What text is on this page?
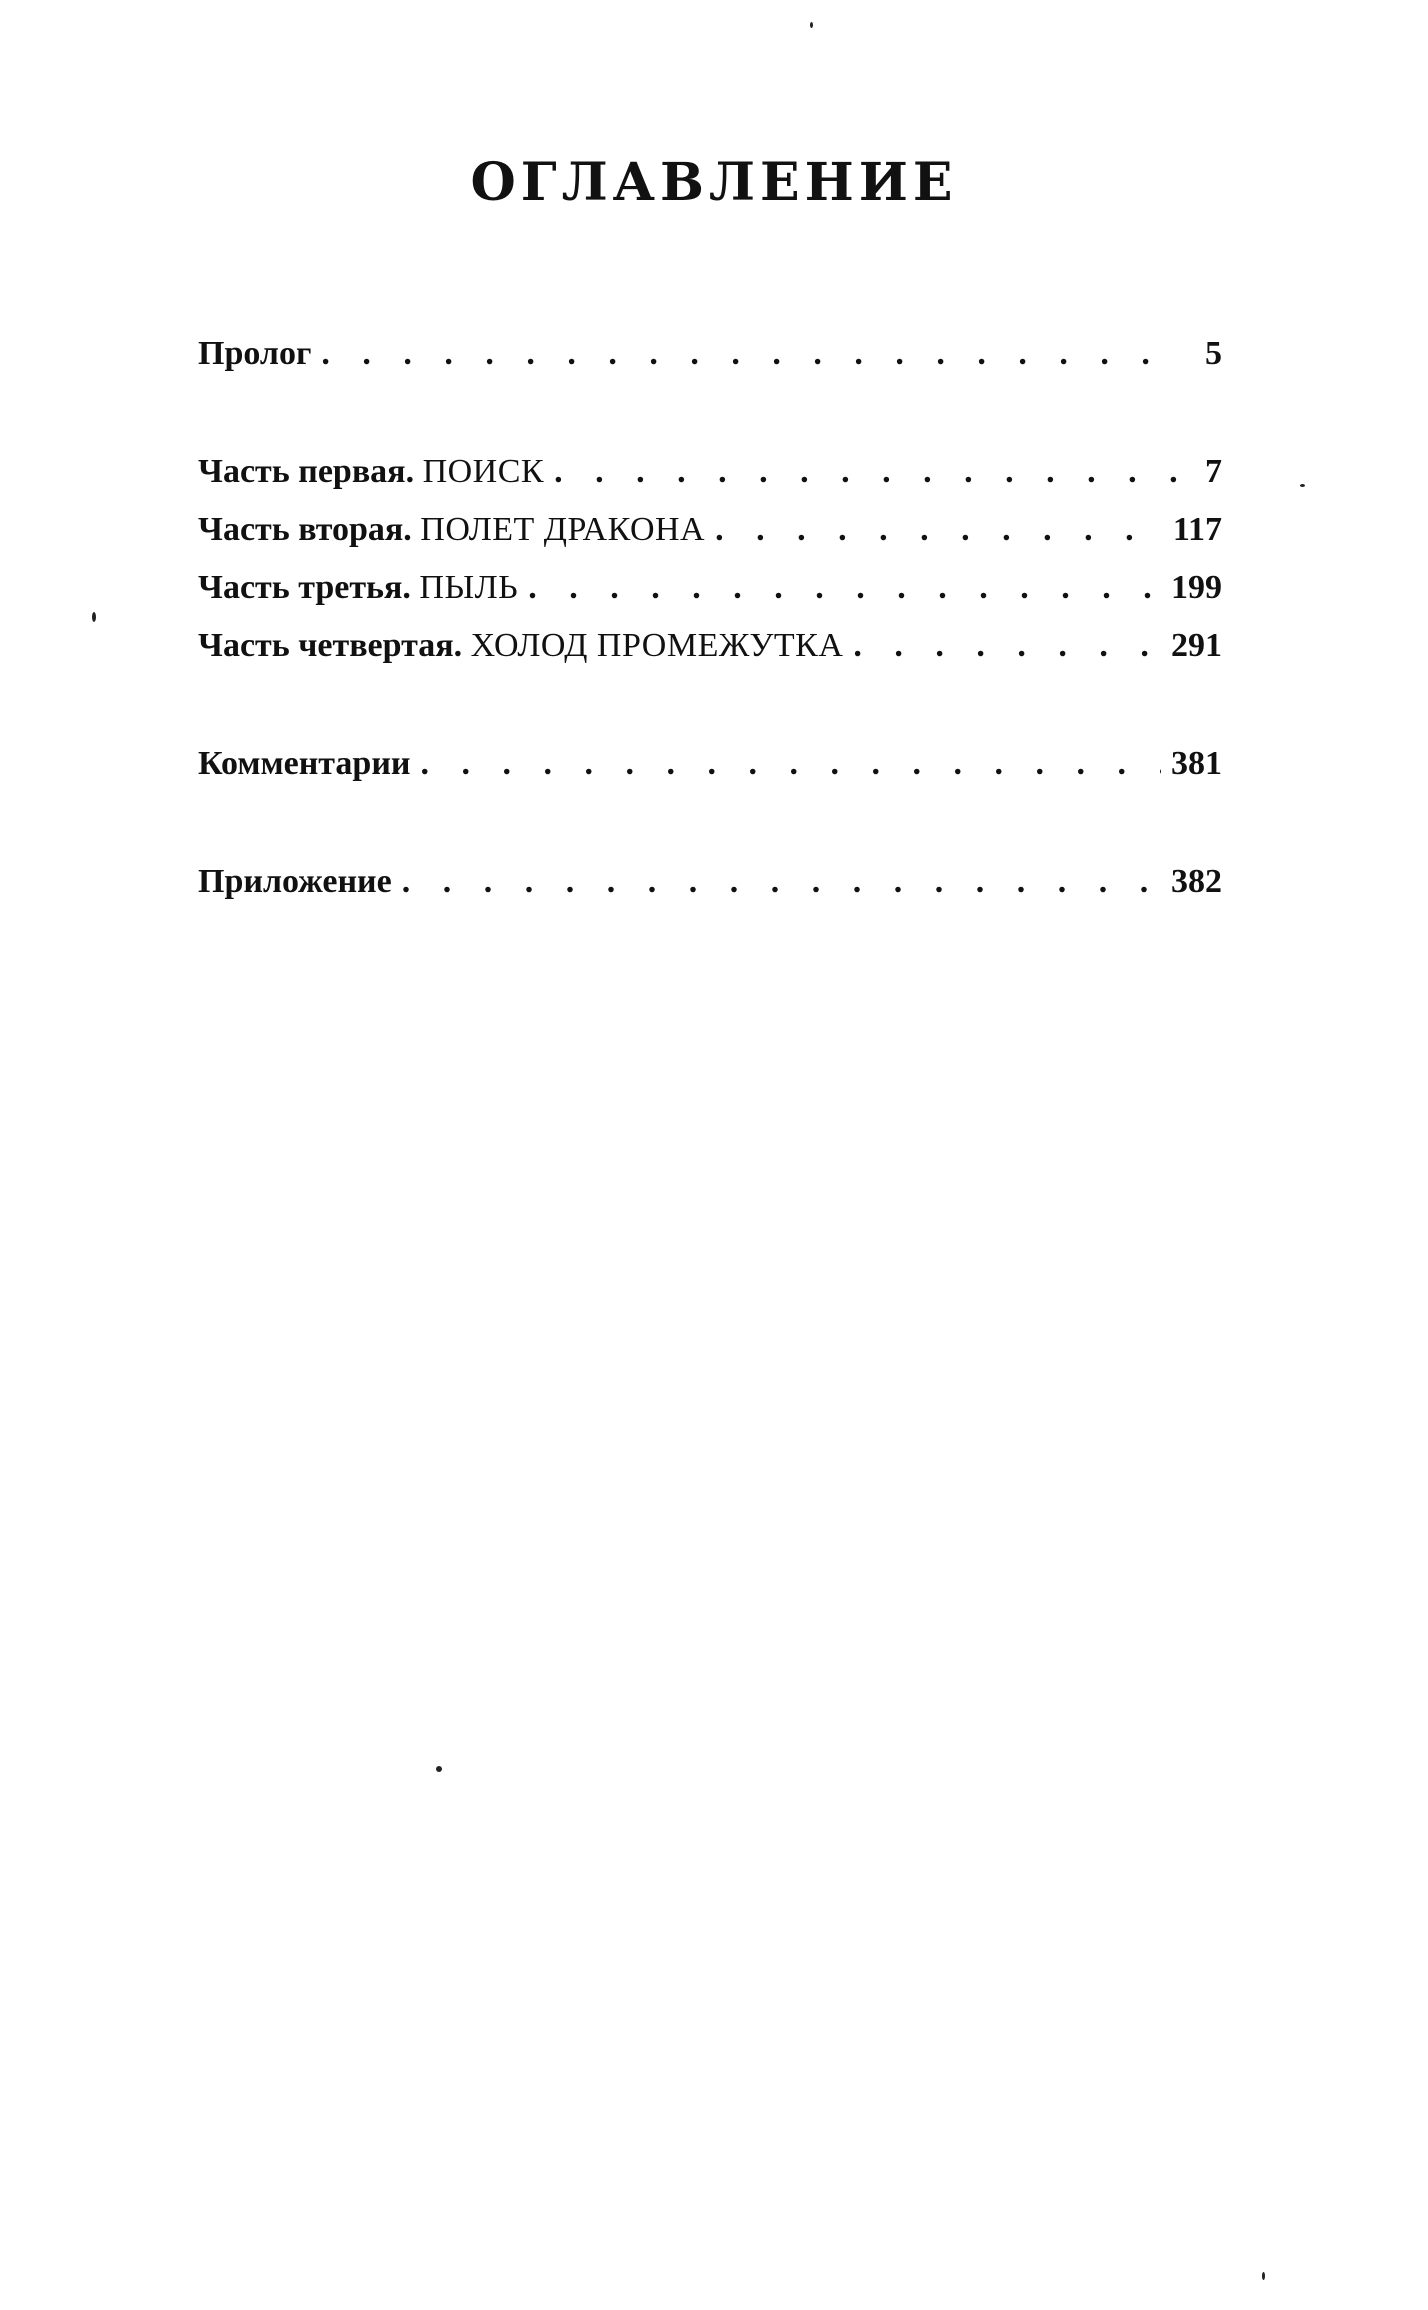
ОГЛАВЛЕНИЕ
Пролог . . .	5
Часть первая. ПОИСК . . .	7
Часть вторая. ПОЛЕТ ДРАКОНА . . .	117
Часть третья. ПЫЛЬ . . .	199
Часть четвертая. ХОЛОД ПРОМЕЖУТКА . . .	291
Комментарии . . .	381
Приложение . . .	382
